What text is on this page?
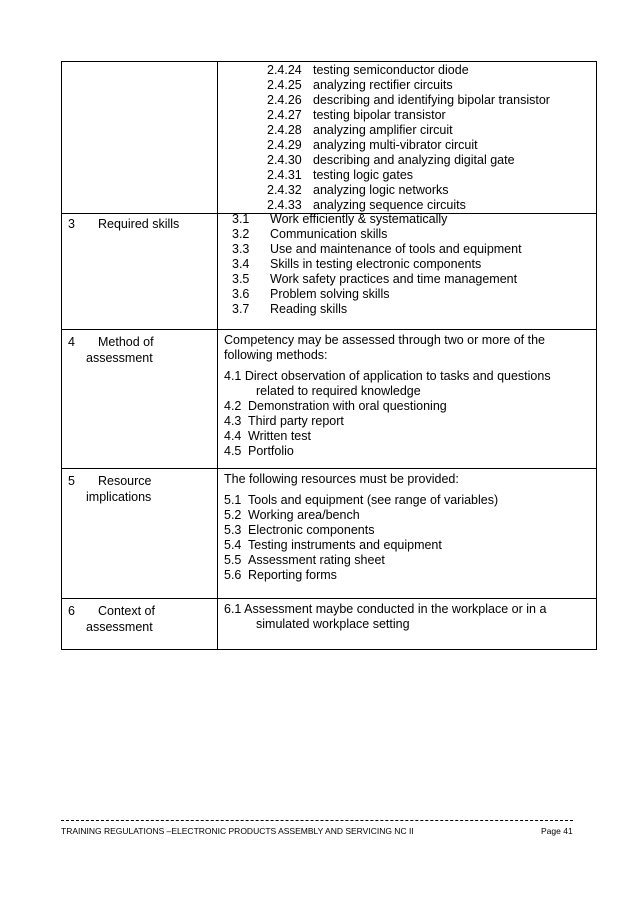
2.4.24 testing semiconductor diode
2.4.25 analyzing rectifier circuits
2.4.26 describing and identifying bipolar transistor
2.4.27 testing bipolar transistor
2.4.28 analyzing amplifier circuit
2.4.29 analyzing multi-vibrator circuit
2.4.30 describing and analyzing digital gate
2.4.31 testing logic gates
2.4.32 analyzing logic networks
2.4.33 analyzing sequence circuits
3 Required skills	3.1 Work efficiently & systematically
3.2 Communication skills
3.3 Use and maintenance of tools and equipment
3.4 Skills in testing electronic components
3.5 Work safety practices and time management
3.6 Problem solving skills
3.7 Reading skills
4 Method of
assessment
Competency may be assessed through two or more of the
following methods:
4.1 Direct observation of application to tasks and questions
related to required knowledge
4.2 Demonstration with oral questioning
4.3 Third party report
4.4 Written test
4.5 Portfolio
5 Resource
implications
The following resources must be provided:
5.1 Tools and equipment (see range of variables)
5.2 Working area/bench
5.3 Electronic components
5.4 Testing instruments and equipment
5.5 Assessment rating sheet
5.6 Reporting forms
6 Context of
assessment
6.1 Assessment maybe conducted in the workplace or in a
simulated workplace setting
TRAINING REGULATIONS –ELECTRONIC PRODUCTS ASSEMBLY AND SERVICING NC II	Page 41
